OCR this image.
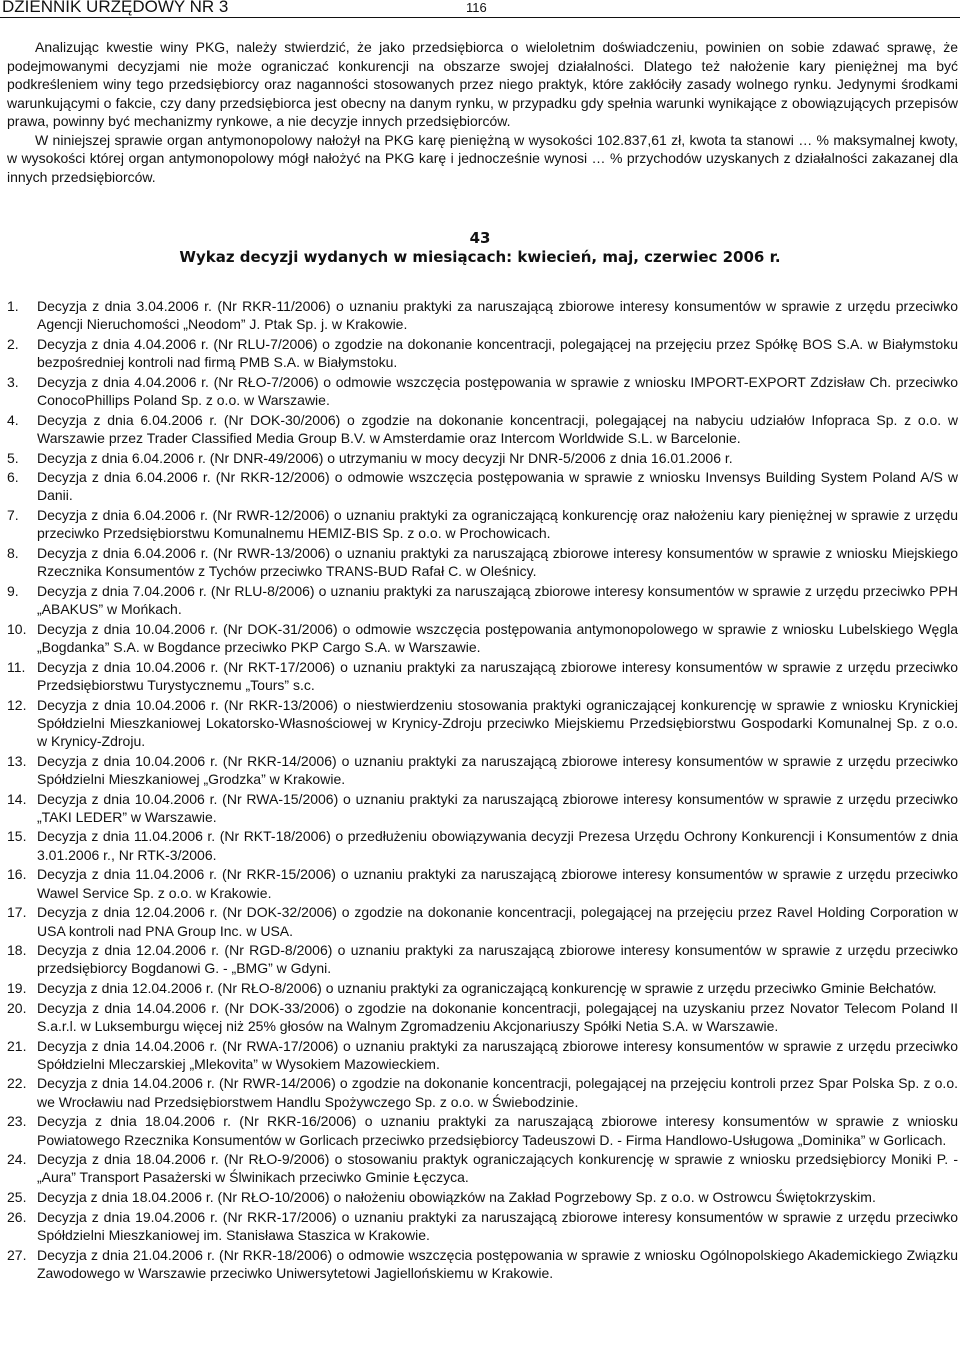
DZIENNIK URZĘDOWY NR 3	116

Analizując kwestie winy PKG, należy stwierdzić, że jako przedsiębiorca o wieloletnim doświadczeniu, powinien on sobie zdawać sprawę, że podejmowanymi decyzjami nie może ograniczać konkurencji na obszarze swojej działalności. Dlatego też nałożenie kary pieniężnej ma być podkreśleniem winy tego przedsiębiorcy oraz naganności stosowanych przez niego praktyk, które zakłóciły zasady wolnego rynku. Jedynymi środkami warunkującymi o fakcie, czy dany przedsiębiorca jest obecny na danym rynku, w przypadku gdy spełnia warunki wynikające z obowiązujących przepisów prawa, powinny być mechanizmy rynkowe, a nie decyzje innych przedsiębiorców.

W niniejszej sprawie organ antymonopolowy nałożył na PKG karę pieniężną w wysokości 102.837,61 zł, kwota ta stanowi … % maksymalnej kwoty, w wysokości której organ antymonopolowy mógł nałożyć na PKG karę i jednocześnie wynosi … % przychodów uzyskanych z działalności zakazanej dla innych przedsiębiorców.

43
Wykaz decyzji wydanych w miesiącach: kwiecień, maj, czerwiec 2006 r.
1.	Decyzja z dnia 3.04.2006 r. (Nr RKR-11/2006) o uznaniu praktyki za naruszającą zbiorowe interesy konsumentów w sprawie z urzędu przeciwko Agencji Nieruchomości „Neodom” J. Ptak Sp. j. w Krakowie.
2.	Decyzja z dnia 4.04.2006 r. (Nr RLU-7/2006) o zgodzie na dokonanie koncentracji, polegającej na przejęciu przez Spółkę BOS S.A. w Białymstoku bezpośredniej kontroli nad firmą PMB S.A. w Białymstoku.
3.	Decyzja z dnia 4.04.2006 r. (Nr RŁO-7/2006) o odmowie wszczęcia postępowania w sprawie z wniosku IMPORT-EXPORT Zdzisław Ch. przeciwko ConocoPhillips Poland Sp. z o.o. w Warszawie.
4.	Decyzja z dnia 6.04.2006 r. (Nr DOK-30/2006) o zgodzie na dokonanie koncentracji, polegającej na nabyciu udziałów Infopraca Sp. z o.o. w Warszawie przez Trader Classified Media Group B.V. w Amsterdamie oraz Intercom Worldwide S.L. w Barcelonie.
5.	Decyzja z dnia 6.04.2006 r. (Nr DNR-49/2006) o utrzymaniu w mocy decyzji Nr DNR-5/2006 z dnia 16.01.2006 r.
6.	Decyzja z dnia 6.04.2006 r. (Nr RKR-12/2006) o odmowie wszczęcia postępowania w sprawie z wniosku Invensys Building System Poland A/S w Danii.
7.	Decyzja z dnia 6.04.2006 r. (Nr RWR-12/2006) o uznaniu praktyki za ograniczającą konkurencję oraz nałożeniu kary pieniężnej w sprawie z urzędu przeciwko Przedsiębiorstwu Komunalnemu HEMIZ-BIS Sp. z o.o. w Prochowicach.
8.	Decyzja z dnia 6.04.2006 r. (Nr RWR-13/2006) o uznaniu praktyki za naruszającą zbiorowe interesy konsumentów w sprawie z wniosku Miejskiego Rzecznika Konsumentów z Tychów przeciwko TRANS-BUD Rafał C. w Oleśnicy.
9.	Decyzja z dnia 7.04.2006 r. (Nr RLU-8/2006) o uznaniu praktyki za naruszającą zbiorowe interesy konsumentów w sprawie z urzędu przeciwko PPH „ABAKUS” w Mońkach.
10. Decyzja z dnia 10.04.2006 r. (Nr DOK-31/2006) o odmowie wszczęcia postępowania antymonopolowego w sprawie z wniosku Lubelskiego Węgla „Bogdanka” S.A. w Bogdance przeciwko PKP Cargo S.A. w Warszawie.
11. Decyzja z dnia 10.04.2006 r. (Nr RKT-17/2006) o uznaniu praktyki za naruszającą zbiorowe interesy konsumentów w sprawie z urzędu przeciwko Przedsiębiorstwu Turystycznemu „Tours” s.c.
12. Decyzja z dnia 10.04.2006 r. (Nr RKR-13/2006) o niestwierdzeniu stosowania praktyki ograniczającej konkurencję w sprawie z wniosku Krynickiej Spółdzielni Mieszkaniowej Lokatorsko-Własnościowej w Krynicy-Zdroju przeciwko Miejskiemu Przedsiębiorstwu Gospodarki Komunalnej Sp. z o.o. w Krynicy-Zdroju.
13. Decyzja z dnia 10.04.2006 r. (Nr RKR-14/2006) o uznaniu praktyki za naruszającą zbiorowe interesy konsumentów w sprawie z urzędu przeciwko Spółdzielni Mieszkaniowej „Grodzka” w Krakowie.
14. Decyzja z dnia 10.04.2006 r. (Nr RWA-15/2006) o uznaniu praktyki za naruszającą zbiorowe interesy konsumentów w sprawie z urzędu przeciwko „TAKI LEDER” w Warszawie.
15. Decyzja z dnia 11.04.2006 r. (Nr RKT-18/2006) o przedłużeniu obowiązywania decyzji Prezesa Urzędu Ochrony Konkurencji i Konsumentów z dnia 3.01.2006 r., Nr RTK-3/2006.
16. Decyzja z dnia 11.04.2006 r. (Nr RKR-15/2006) o uznaniu praktyki za naruszającą zbiorowe interesy konsumentów w sprawie z urzędu przeciwko Wawel Service Sp. z o.o. w Krakowie.
17. Decyzja z dnia 12.04.2006 r. (Nr DOK-32/2006) o zgodzie na dokonanie koncentracji, polegającej na przejęciu przez Ravel Holding Corporation w USA kontroli nad PNA Group Inc. w USA.
18. Decyzja z dnia 12.04.2006 r. (Nr RGD-8/2006) o uznaniu praktyki za naruszającą zbiorowe interesy konsumentów w sprawie z urzędu przeciwko przedsiębiorcy Bogdanowi G. - „BMG” w Gdyni.
19. Decyzja z dnia 12.04.2006 r. (Nr RŁO-8/2006) o uznaniu praktyki za ograniczającą konkurencję w sprawie z urzędu przeciwko Gminie Bełchatów.
20. Decyzja z dnia 14.04.2006 r. (Nr DOK-33/2006) o zgodzie na dokonanie koncentracji, polegającej na uzyskaniu przez Novator Telecom Poland II S.a.r.l. w Luksemburgu więcej niż 25% głosów na Walnym Zgromadzeniu Akcjonariuszy Spółki Netia S.A. w Warszawie.
21. Decyzja z dnia 14.04.2006 r. (Nr RWA-17/2006) o uznaniu praktyki za naruszającą zbiorowe interesy konsumentów w sprawie z urzędu przeciwko Spółdzielni Mleczarskiej „Mlekovita” w Wysokiem Mazowieckiem.
22. Decyzja z dnia 14.04.2006 r. (Nr RWR-14/2006) o zgodzie na dokonanie koncentracji, polegającej na przejęciu kontroli przez Spar Polska Sp. z o.o. we Wrocławiu nad Przedsiębiorstwem Handlu Spożywczego Sp. z o.o. w Świebodzinie.
23. Decyzja z dnia 18.04.2006 r. (Nr RKR-16/2006) o uznaniu praktyki za naruszającą zbiorowe interesy konsumentów w sprawie z wniosku Powiatowego Rzecznika Konsumentów w Gorlicach przeciwko przedsiębiorcy Tadeuszowi D. - Firma Handlowo-Usługowa „Dominika” w Gorlicach.
24. Decyzja z dnia 18.04.2006 r. (Nr RŁO-9/2006) o stosowaniu praktyk ograniczających konkurencję w sprawie z wniosku przedsiębiorcy Moniki P. - „Aura” Transport Pasażerski w Ślwinikach przeciwko Gminie Łęczyca.
25. Decyzja z dnia 18.04.2006 r. (Nr RŁO-10/2006) o nałożeniu obowiązków na Zakład Pogrzebowy Sp. z o.o. w Ostrowcu Świętokrzyskim.
26. Decyzja z dnia 19.04.2006 r. (Nr RKR-17/2006) o uznaniu praktyki za naruszającą zbiorowe interesy konsumentów w sprawie z urzędu przeciwko Spółdzielni Mieszkaniowej im. Stanisława Staszica w Krakowie.
27. Decyzja z dnia 21.04.2006 r. (Nr RKR-18/2006) o odmowie wszczęcia postępowania w sprawie z wniosku Ogólnopolskiego Akademickiego Związku Zawodowego w Warszawie przeciwko Uniwersytetowi Jagiellońskiemu w Krakowie.
